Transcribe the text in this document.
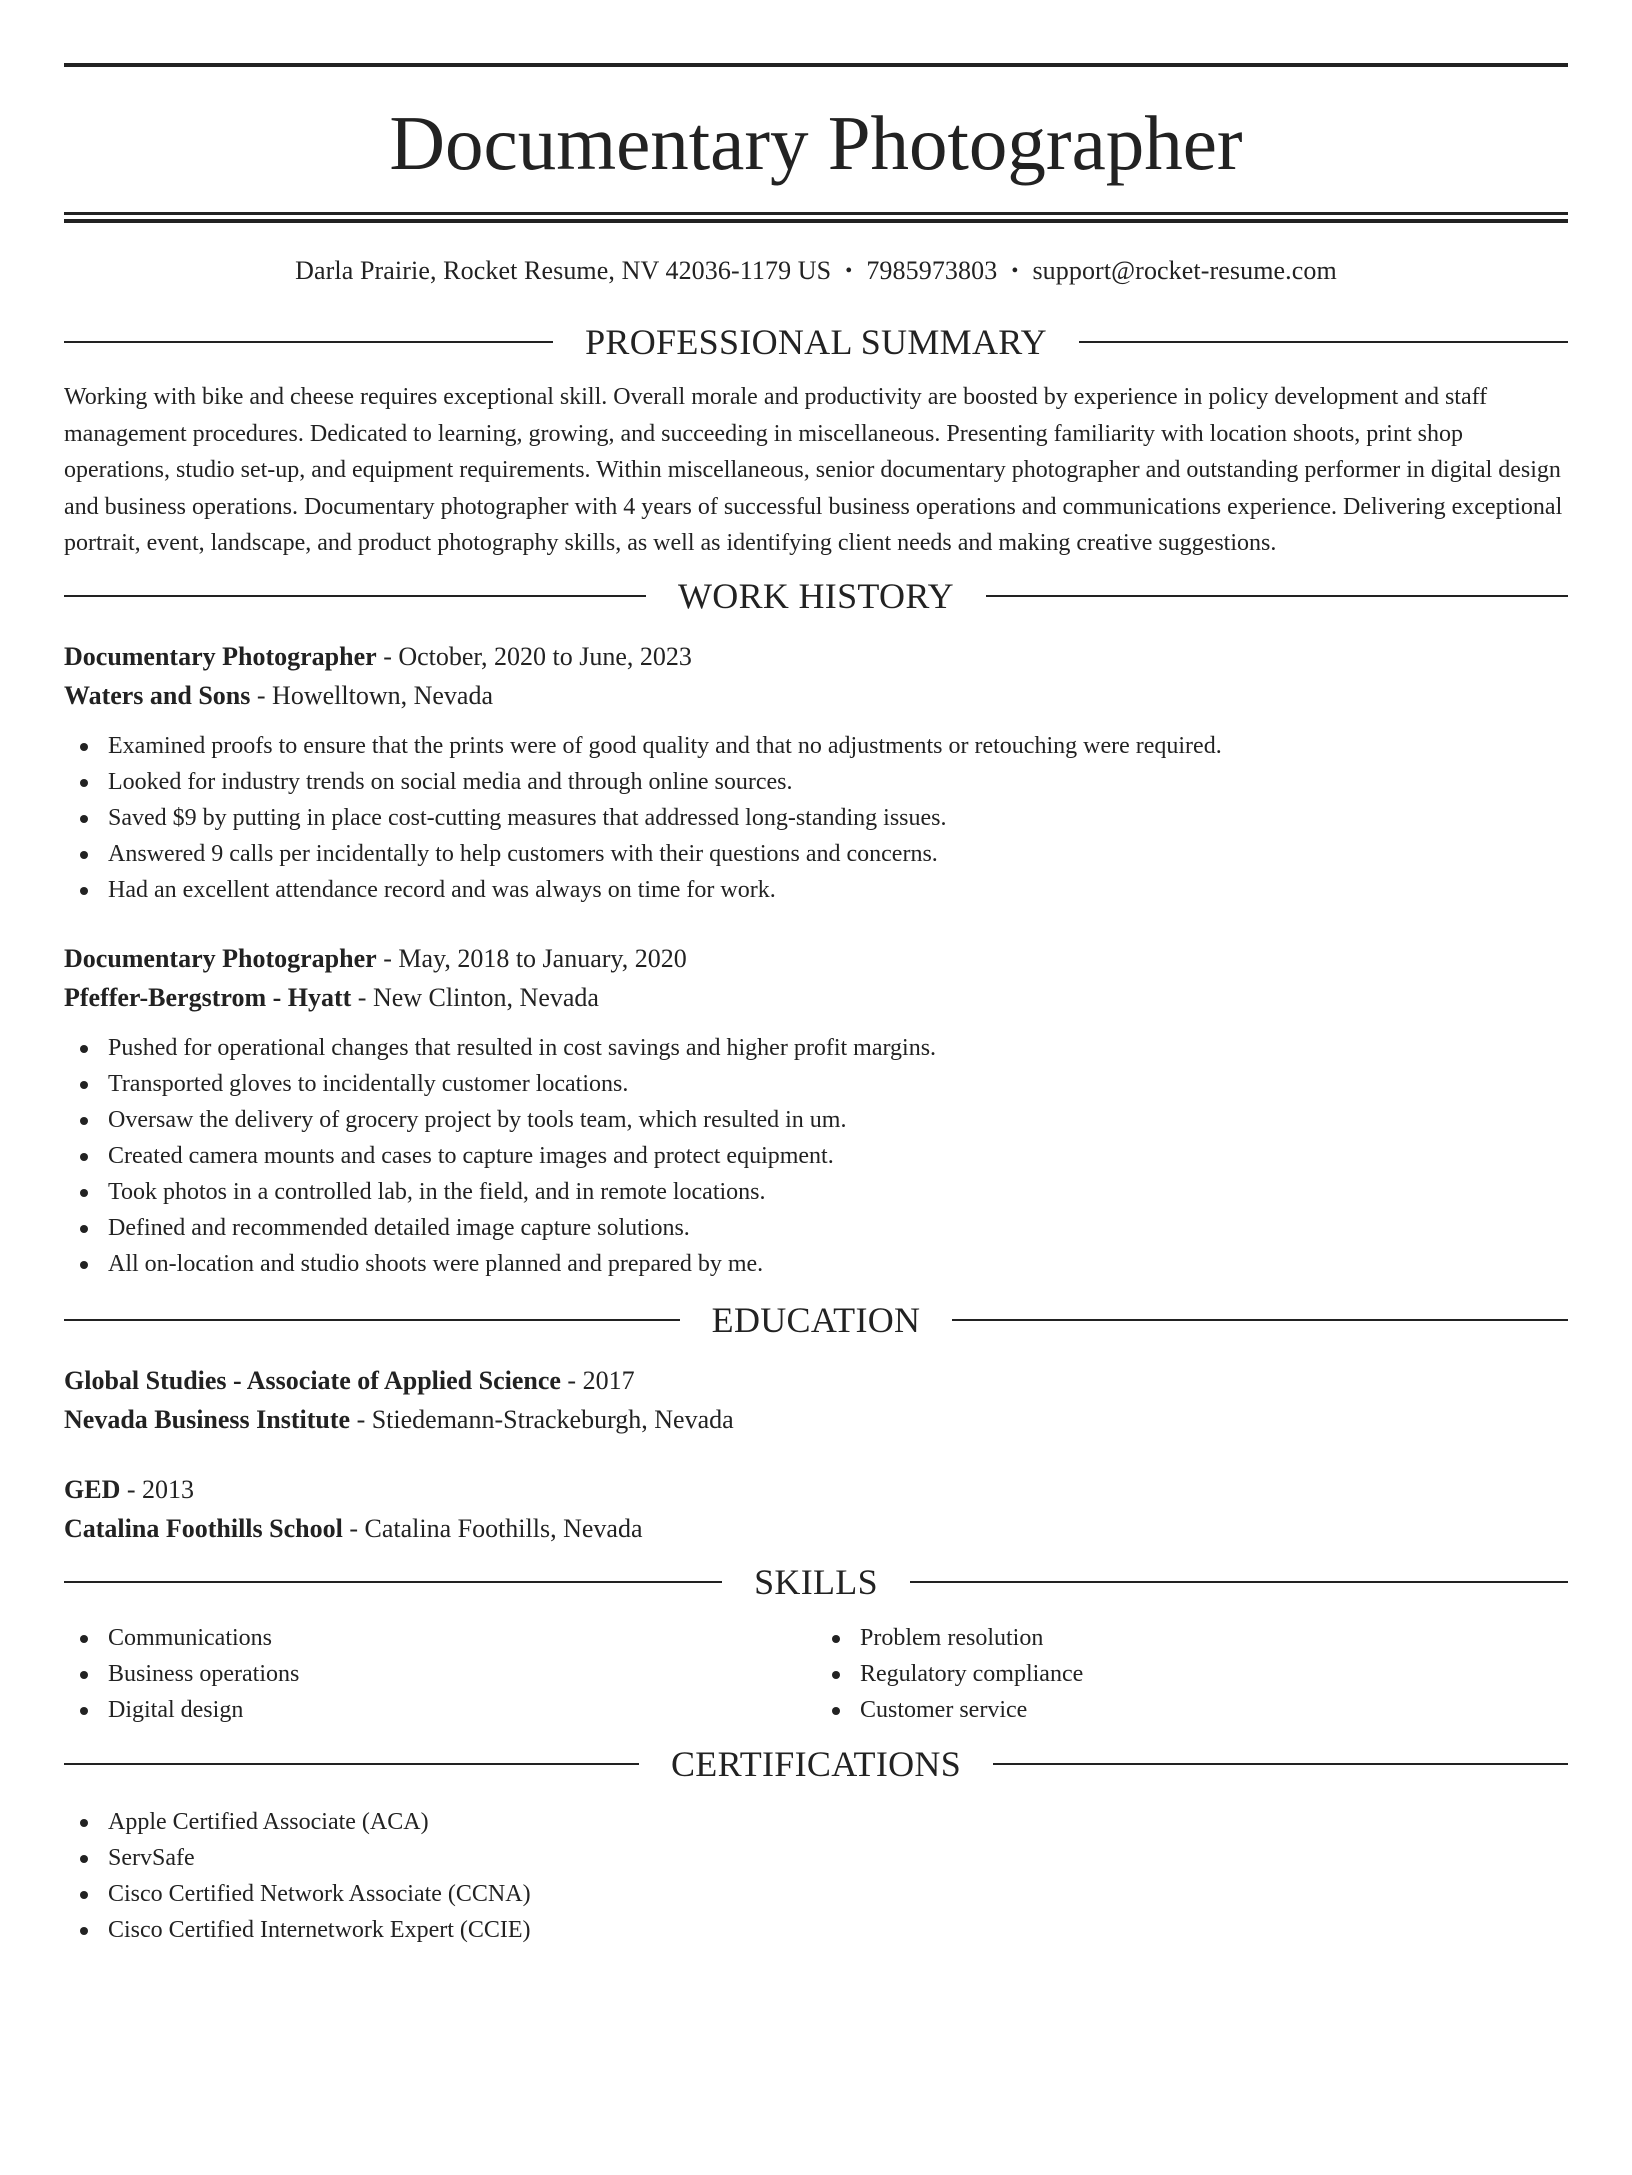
Documentary Photographer
Darla Prairie, Rocket Resume, NV 42036-1179 US • 7985973803 • support@rocket-resume.com
PROFESSIONAL SUMMARY

Working with bike and cheese requires exceptional skill. Overall morale and productivity are boosted by experience in policy development and staff management procedures. Dedicated to learning, growing, and succeeding in miscellaneous. Presenting familiarity with location shoots, print shop operations, studio set-up, and equipment requirements. Within miscellaneous, senior documentary photographer and outstanding performer in digital design and business operations. Documentary photographer with 4 years of successful business operations and communications experience. Delivering exceptional portrait, event, landscape, and product photography skills, as well as identifying client needs and making creative suggestions.

WORK HISTORY
Documentary Photographer - October, 2020 to June, 2023
Waters and Sons - Howelltown, Nevada
Examined proofs to ensure that the prints were of good quality and that no adjustments or retouching were required.
Looked for industry trends on social media and through online sources.
Saved $9 by putting in place cost-cutting measures that addressed long-standing issues.
Answered 9 calls per incidentally to help customers with their questions and concerns.
Had an excellent attendance record and was always on time for work.
Documentary Photographer - May, 2018 to January, 2020
Pfeffer-Bergstrom - Hyatt - New Clinton, Nevada
Pushed for operational changes that resulted in cost savings and higher profit margins.
Transported gloves to incidentally customer locations.
Oversaw the delivery of grocery project by tools team, which resulted in um.
Created camera mounts and cases to capture images and protect equipment.
Took photos in a controlled lab, in the field, and in remote locations.
Defined and recommended detailed image capture solutions.
All on-location and studio shoots were planned and prepared by me.
EDUCATION
Global Studies - Associate of Applied Science - 2017
Nevada Business Institute - Stiedemann-Strackeburgh, Nevada
GED - 2013
Catalina Foothills School - Catalina Foothills, Nevada
SKILLS
Communications
Business operations
Digital design
Problem resolution
Regulatory compliance
Customer service
CERTIFICATIONS
Apple Certified Associate (ACA)
ServSafe
Cisco Certified Network Associate (CCNA)
Cisco Certified Internetwork Expert (CCIE)
